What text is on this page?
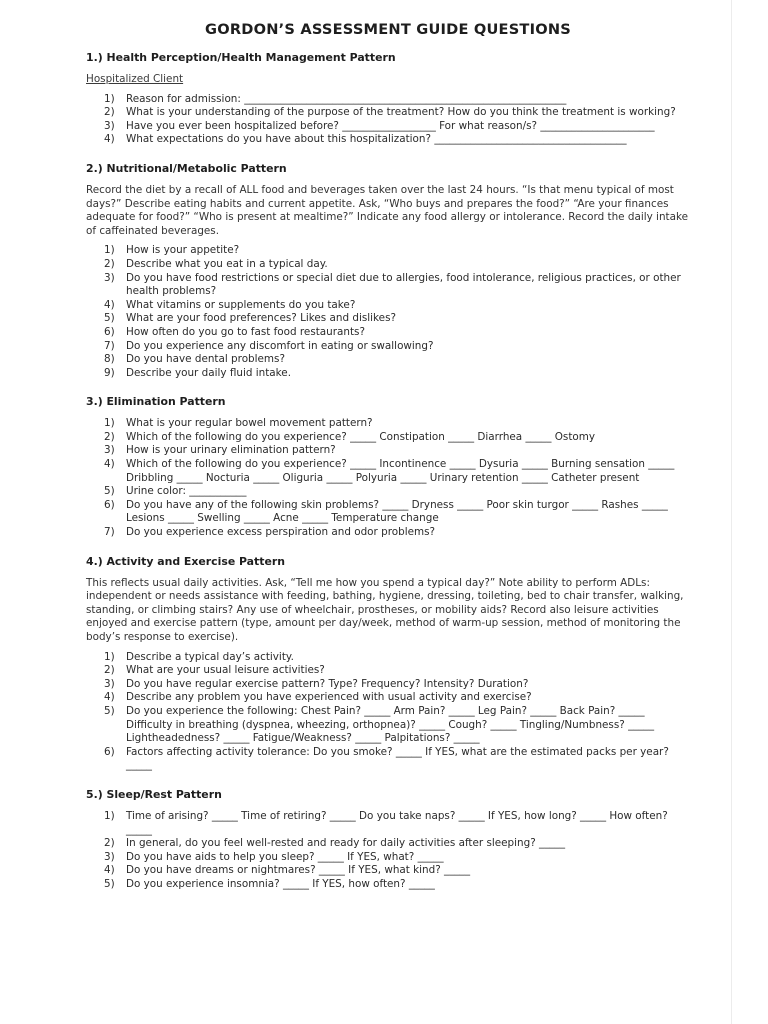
GORDON’S ASSESSMENT GUIDE QUESTIONS
1.) Health Perception/Health Management Pattern
Hospitalized Client
1)	Reason for admission: ______________________________________________________________
2)	What is your understanding of the purpose of the treatment? How do you think the treatment is working?
3)	Have you ever been hospitalized before? __________________ For what reason/s? ______________________
4)	What expectations do you have about this hospitalization? _____________________________________
2.) Nutritional/Metabolic Pattern
Record the diet by a recall of ALL food and beverages taken over the last 24 hours. “Is that menu typical of most days?” Describe eating habits and current appetite. Ask, “Who buys and prepares the food?” “Are your finances adequate for food?” “Who is present at mealtime?” Indicate any food allergy or intolerance. Record the daily intake of caffeinated beverages.
1)	How is your appetite?
2)	Describe what you eat in a typical day.
3)	Do you have food restrictions or special diet due to allergies, food intolerance, religious practices, or other health problems?
4)	What vitamins or supplements do you take?
5)	What are your food preferences? Likes and dislikes?
6)	How often do you go to fast food restaurants?
7)	Do you experience any discomfort in eating or swallowing?
8)	Do you have dental problems?
9)	Describe your daily fluid intake.
3.) Elimination Pattern
1)	What is your regular bowel movement pattern?
2)	Which of the following do you experience? _____ Constipation _____ Diarrhea _____ Ostomy
3)	How is your urinary elimination pattern?
4)	Which of the following do you experience? _____ Incontinence _____ Dysuria _____ Burning sensation _____ Dribbling _____ Nocturia _____ Oliguria _____ Polyuria _____ Urinary retention _____ Catheter present
5)	Urine color: ___________
6)	Do you have any of the following skin problems? _____ Dryness _____ Poor skin turgor _____ Rashes _____ Lesions _____ Swelling _____ Acne _____ Temperature change
7)	Do you experience excess perspiration and odor problems?
4.) Activity and Exercise Pattern
This reflects usual daily activities. Ask, “Tell me how you spend a typical day?” Note ability to perform ADLs: independent or needs assistance with feeding, bathing, hygiene, dressing, toileting, bed to chair transfer, walking, standing, or climbing stairs? Any use of wheelchair, prostheses, or mobility aids? Record also leisure activities enjoyed and exercise pattern (type, amount per day/week, method of warm-up session, method of monitoring the body’s response to exercise).
1)	Describe a typical day’s activity.
2)	What are your usual leisure activities?
3)	Do you have regular exercise pattern? Type? Frequency? Intensity? Duration?
4)	Describe any problem you have experienced with usual activity and exercise?
5)	Do you experience the following: Chest Pain? _____ Arm Pain? _____ Leg Pain? _____ Back Pain? _____ Difficulty in breathing (dyspnea, wheezing, orthopnea)? _____ Cough? _____ Tingling/Numbness? _____ Lightheadedness? _____ Fatigue/Weakness? _____ Palpitations? _____
6)	Factors affecting activity tolerance: Do you smoke? _____ If YES, what are the estimated packs per year? _____
5.) Sleep/Rest Pattern
1)	Time of arising? _____ Time of retiring? _____ Do you take naps? _____ If YES, how long? _____ How often? _____
2)	In general, do you feel well-rested and ready for daily activities after sleeping? _____
3)	Do you have aids to help you sleep? _____ If YES, what? _____
4)	Do you have dreams or nightmares? _____ If YES, what kind? _____
5)	Do you experience insomnia? _____ If YES, how often? _____
